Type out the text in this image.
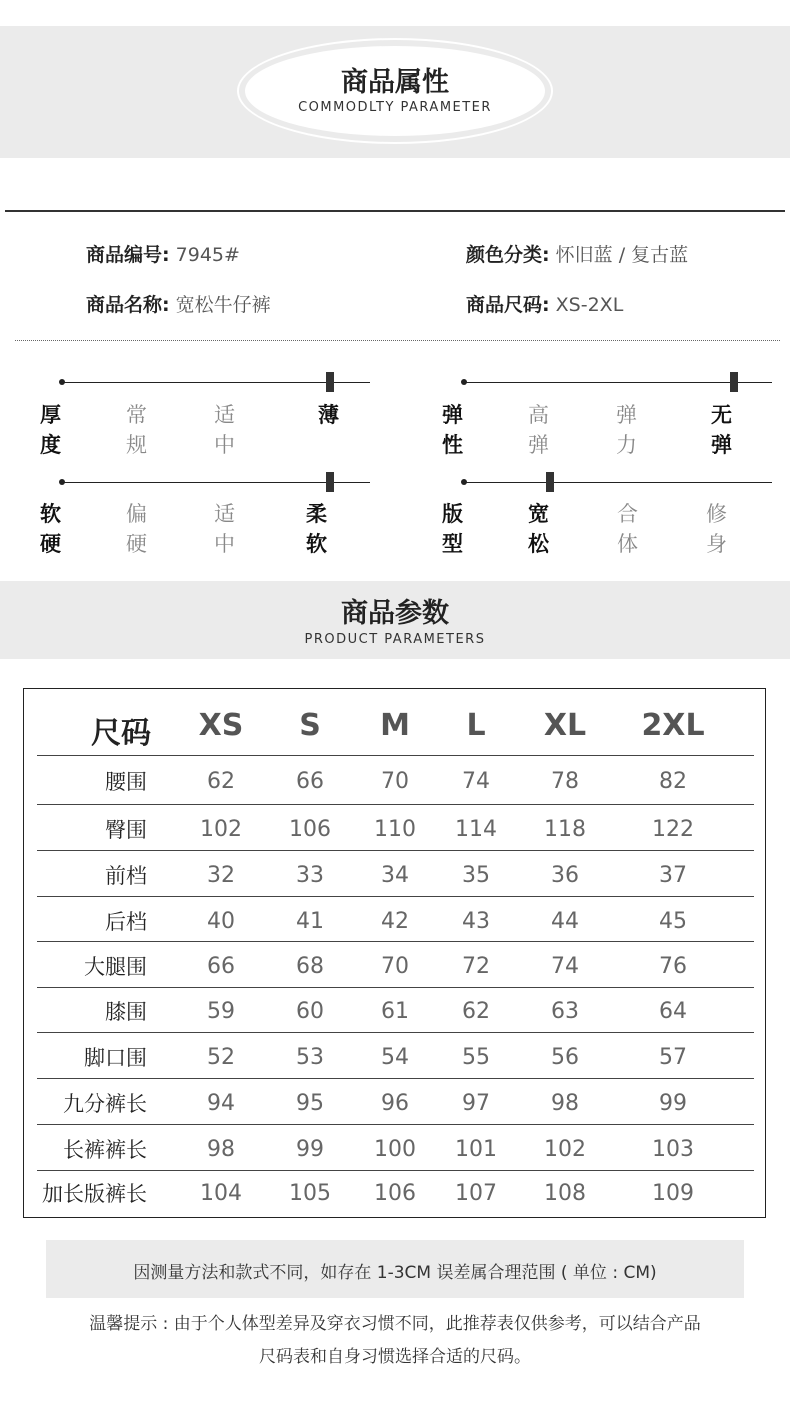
商品属性
COMMODLTY PARAMETER
商品编号: 7945#	颜色分类: 怀旧蓝 / 复古蓝
商品名称: 宽松牛仔裤	商品尺码: XS-2XL
厚度
常规
适中
薄	弹性
高弹
弹力
无弹
软硬
偏硬
适中
柔软
版型
宽松
合体
修身
商品参数
PRODUCT PARAMETERS
尺码	XS	S	M	L	XL	2XL
腰围	62	66	70	74	78	82
臀围	102	106	110	114	118	122
前档	32	33	34	35	36	37
后档	40	41	42	43	44	45
大腿围	66	68	70	72	74	76
膝围	59	60	61	62	63	64
脚口围	52	53	54	55	56	57
九分裤长	94	95	96	97	98	99
长裤裤长	98	99	100	101	102	103
加长版裤长	104	105	106	107	108	109
因测量方法和款式不同，如存在 1-3CM 误差属合理范围 ( 单位 : CM)
温馨提示 : 由于个人体型差异及穿衣习惯不同，此推荐表仅供参考，可以结合产品
尺码表和自身习惯选择合适的尺码。
